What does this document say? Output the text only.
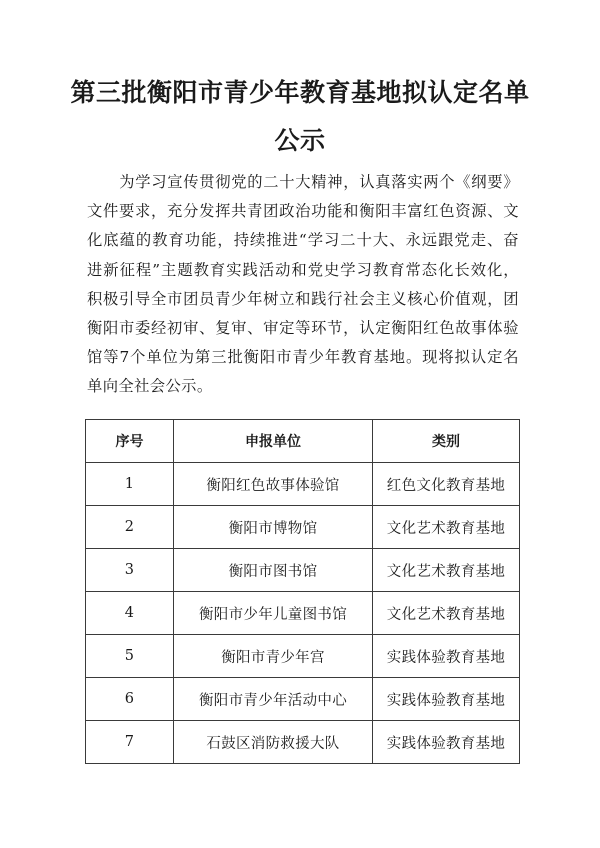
第三批衡阳市青少年教育基地拟认定名单
公示
为学习宣传贯彻党的二十大精神，认真落实两个《纲要》文件要求，充分发挥共青团政治功能和衡阳丰富红色资源、文化底蕴的教育功能，持续推进“学习二十大、永远跟党走、奋进新征程”主题教育实践活动和党史学习教育常态化长效化，积极引导全市团员青少年树立和践行社会主义核心价值观，团衡阳市委经初审、复审、审定等环节，认定衡阳红色故事体验馆等7个单位为第三批衡阳市青少年教育基地。现将拟认定名单向全社会公示。
序号	申报单位	类别
1	衡阳红色故事体验馆	红色文化教育基地
2	衡阳市博物馆	文化艺术教育基地
3	衡阳市图书馆	文化艺术教育基地
4	衡阳市少年儿童图书馆	文化艺术教育基地
5	衡阳市青少年宫	实践体验教育基地
6	衡阳市青少年活动中心	实践体验教育基地
7	石鼓区消防救援大队	实践体验教育基地
